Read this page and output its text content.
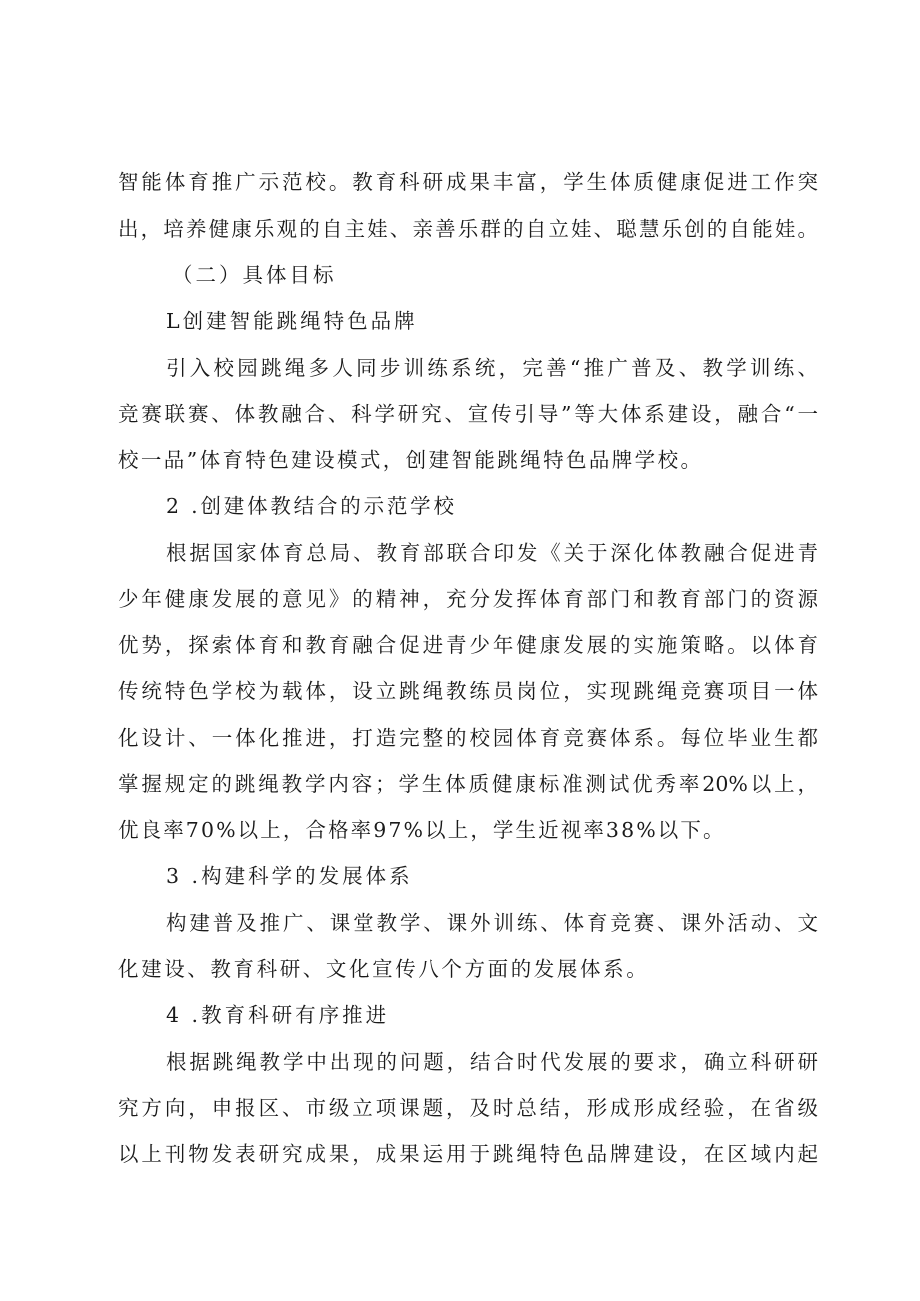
智能体育推广示范校。教育科研成果丰富，学生体质健康促进工作突
出，培养健康乐观的自主娃、亲善乐群的自立娃、聪慧乐创的自能娃。
（二）具体目标
L创建智能跳绳特色品牌
引入校园跳绳多人同步训练系统，完善“推广普及、教学训练、
竞赛联赛、体教融合、科学研究、宣传引导”等大体系建设，融合“一
校一品”体育特色建设模式，创建智能跳绳特色品牌学校。
2 .创建体教结合的示范学校
根据国家体育总局、教育部联合印发《关于深化体教融合促进青
少年健康发展的意见》的精神，充分发挥体育部门和教育部门的资源
优势，探索体育和教育融合促进青少年健康发展的实施策略。以体育
传统特色学校为载体，设立跳绳教练员岗位，实现跳绳竞赛项目一体
化设计、一体化推进，打造完整的校园体育竞赛体系。每位毕业生都
掌握规定的跳绳教学内容；学生体质健康标准测试优秀率20%以上，
优良率70%以上，合格率97%以上，学生近视率38%以下。
3 .构建科学的发展体系
构建普及推广、课堂教学、课外训练、体育竞赛、课外活动、文
化建设、教育科研、文化宣传八个方面的发展体系。
4 .教育科研有序推进
根据跳绳教学中出现的问题，结合时代发展的要求，确立科研研
究方向，申报区、市级立项课题，及时总结，形成形成经验，在省级
以上刊物发表研究成果，成果运用于跳绳特色品牌建设，在区域内起
